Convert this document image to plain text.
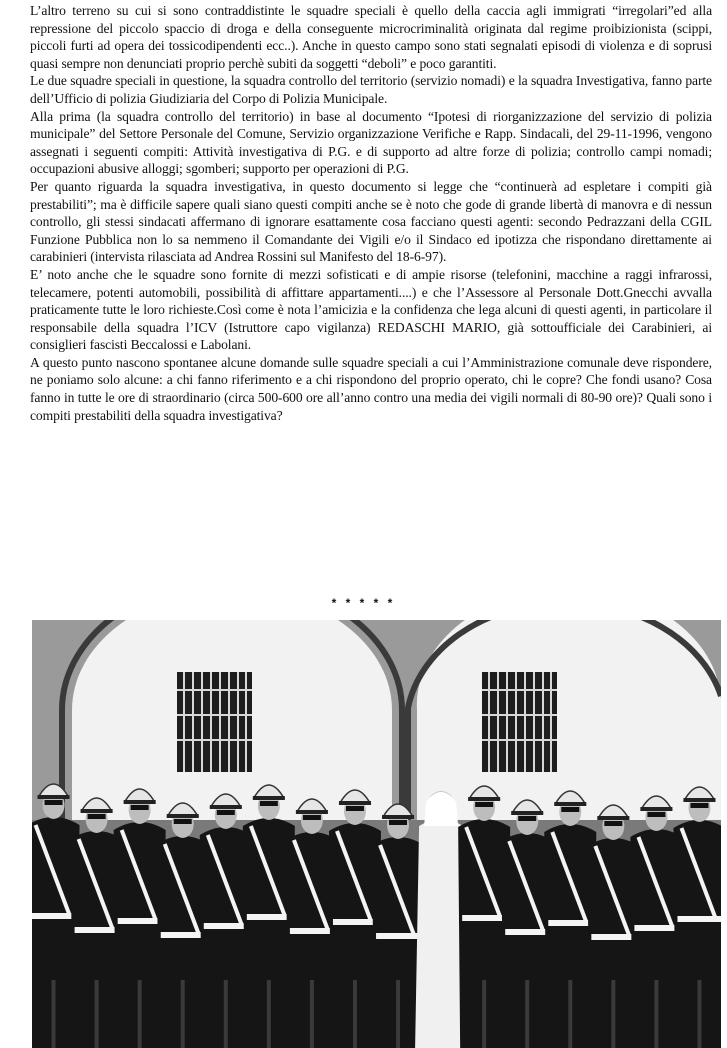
L’altro terreno su cui si sono contraddistinte le squadre speciali è quello della caccia agli immigrati “irregolari”ed alla repressione del piccolo spaccio di droga e della conseguente microcriminalità originata dal regime proibizionista (scippi, piccoli furti ad opera dei tossicodipendenti ecc..). Anche in questo campo sono stati segnalati episodi di violenza e di soprusi quasi sempre non denunciati proprio perchè subiti da soggetti “deboli” e poco garantiti.

Le due squadre speciali in questione, la squadra controllo del territorio (servizio nomadi) e la squadra Investigativa, fanno parte dell’Ufficio di polizia Giudiziaria del Corpo di Polizia Municipale.

Alla prima (la squadra controllo del territorio) in base al documento “Ipotesi di riorganizzazione del servizio di polizia municipale” del Settore Personale del Comune, Servizio organizzazione Verifiche e Rapp. Sindacali, del 29-11-1996, vengono assegnati i seguenti compiti: Attività investigativa di P.G. e di supporto ad altre forze di polizia; controllo campi nomadi; occupazioni abusive alloggi; sgomberi; supporto per operazioni di P.G.

Per quanto riguarda la squadra investigativa, in questo documento si legge che “continuerà ad espletare i compiti già prestabiliti”; ma è difficile sapere quali siano questi compiti anche se è noto che gode di grande libertà di manovra e di nessun controllo, gli stessi sindacati affermano di ignorare esattamente cosa facciano questi agenti: secondo Pedrazzani della CGIL Funzione Pubblica non lo sa nemmeno il Comandante dei Vigili e/o il Sindaco ed ipotizza che rispondano direttamente ai carabinieri (intervista rilasciata ad Andrea Rossini sul Manifesto del 18-6-97).

E’ noto anche che le squadre sono fornite di mezzi sofisticati e di ampie risorse (telefonini, macchine a raggi infrarossi, telecamere, potenti automobili, possibilità di affittare appartamenti....) e che l’Assessore al Personale Dott.Gnecchi avvalla praticamente tutte le loro richieste.Così come è nota l’amicizia e la confidenza che lega alcuni di questi agenti, in particolare il responsabile della squadra l’ICV (Istruttore capo vigilanza) REDASCHI MARIO, già sottoufficiale dei Carabinieri, ai consiglieri fascisti Beccalossi e Labolani.

A questo punto nascono spontanee alcune domande sulle squadre speciali a cui l’Amministrazione comunale deve rispondere, ne poniamo solo alcune: a chi fanno riferimento e a chi rispondono del proprio operato, chi le copre? Che fondi usano? Cosa fanno in tutte le ore di straordinario (circa 500-600 ore all’anno contro una media dei vigili normali di 80-90 ore)? Quali sono i compiti prestabiliti della squadra investigativa?

* * * * *
